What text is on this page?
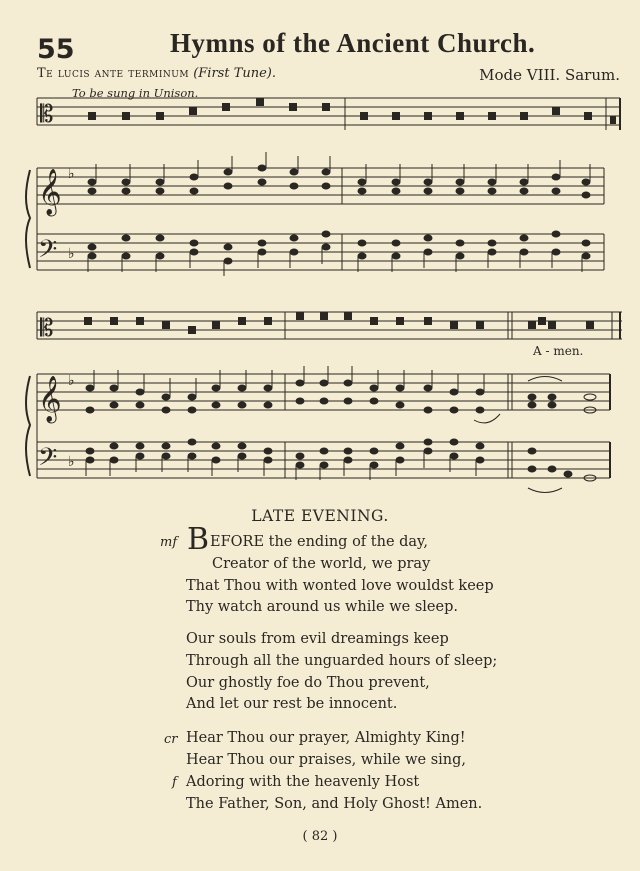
55	Hymns of the Ancient Church.
Te lucis ante terminum (First Tune).	Mode VIII. Sarum.
To be sung in Unison.
𝄡
𝄡
𝄞
𝄞
𝄢
𝄢
♭
♭
♭
♭
A - men.
LATE EVENING.
mf B EFORE the ending of the day,
Creator of the world, we pray
That Thou with wonted love wouldst keep
Thy watch around us while we sleep.
Our souls from evil dreamings keep
Through all the unguarded hours of sleep;
Our ghostly foe do Thou prevent,
And let our rest be innocent.
cr Hear Thou our prayer, Almighty King!
Hear Thou our praises, while we sing,
f Adoring with the heavenly Host
The Father, Son, and Holy Ghost! Amen.
( 82 )
